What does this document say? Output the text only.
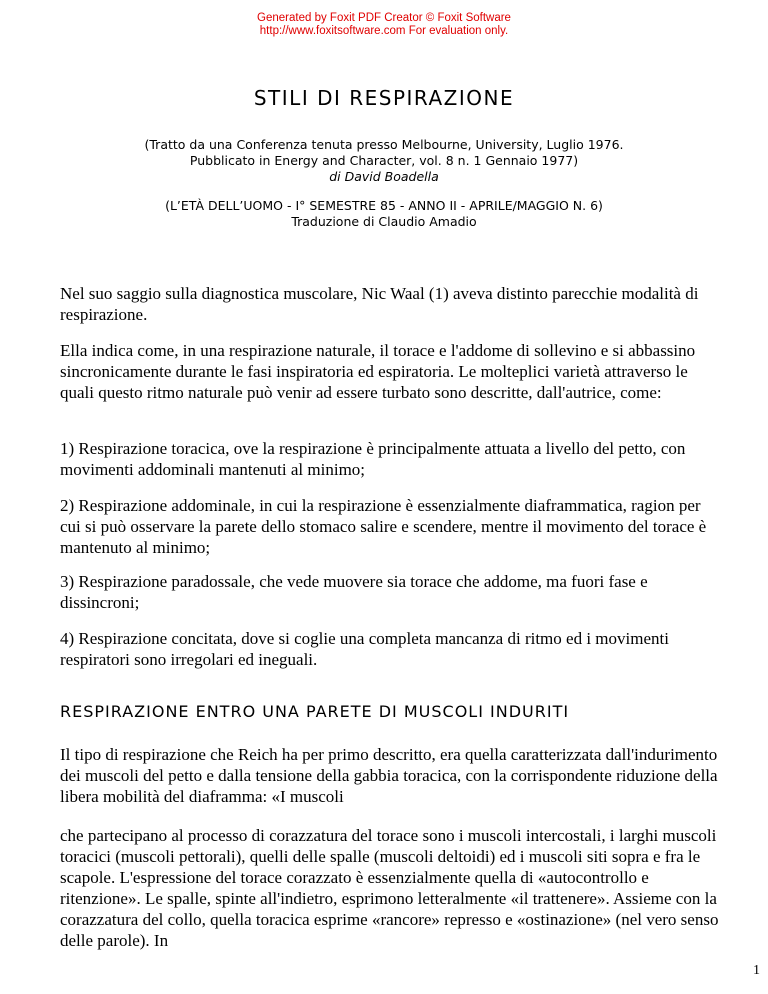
Generated by Foxit PDF Creator © Foxit Software
http://www.foxitsoftware.com For evaluation only.
STILI DI RESPIRAZIONE
(Tratto da una Conferenza tenuta presso Melbourne, University, Luglio 1976.
Pubblicato in Energy and Character, vol. 8 n. 1 Gennaio 1977)
di David Boadella
(L’ETÀ DELL’UOMO - I° SEMESTRE 85 - ANNO II - APRILE/MAGGIO N. 6)
Traduzione di Claudio Amadio

Nel suo saggio sulla diagnostica muscolare, Nic Waal (1) aveva distinto parecchie modalità di respirazione.

Ella indica come, in una respirazione naturale, il torace e l'addome di sollevino e si abbassino sincronicamente durante le fasi inspiratoria ed espiratoria. Le molteplici varietà attraverso le quali questo ritmo naturale può venir ad essere turbato sono descritte, dall'autrice, come:

1) Respirazione toracica, ove la respirazione è principalmente attuata a livello del petto, con movimenti addominali mantenuti al minimo;

2) Respirazione addominale, in cui la respirazione è essenzialmente diaframmatica, ragion per cui si può osservare la parete dello stomaco salire e scendere, mentre il movimento del torace è mantenuto al minimo;

3) Respirazione paradossale, che vede muovere sia torace che addome, ma fuori fase e dissincroni;

4) Respirazione concitata, dove si coglie una completa mancanza di ritmo ed i movimenti respiratori sono irregolari ed ineguali.

RESPIRAZIONE ENTRO UNA PARETE DI MUSCOLI INDURITI

Il tipo di respirazione che Reich ha per primo descritto, era quella caratterizzata dall'indurimento dei muscoli del petto e dalla tensione della gabbia toracica, con la corrispondente riduzione della libera mobilità del diaframma: «I muscoli

che partecipano al processo di corazzatura del torace sono i muscoli intercostali, i larghi muscoli toracici (muscoli pettorali), quelli delle spalle (muscoli deltoidi) ed i muscoli siti sopra e fra le scapole. L'espressione del torace corazzato è essenzialmente quella di «autocontrollo e ritenzione». Le spalle, spinte all'indietro, esprimono letteralmente «il trattenere». Assieme con la corazzatura del collo, quella toracica esprime «rancore» represso e «ostinazione» (nel vero senso delle parole). In

1
